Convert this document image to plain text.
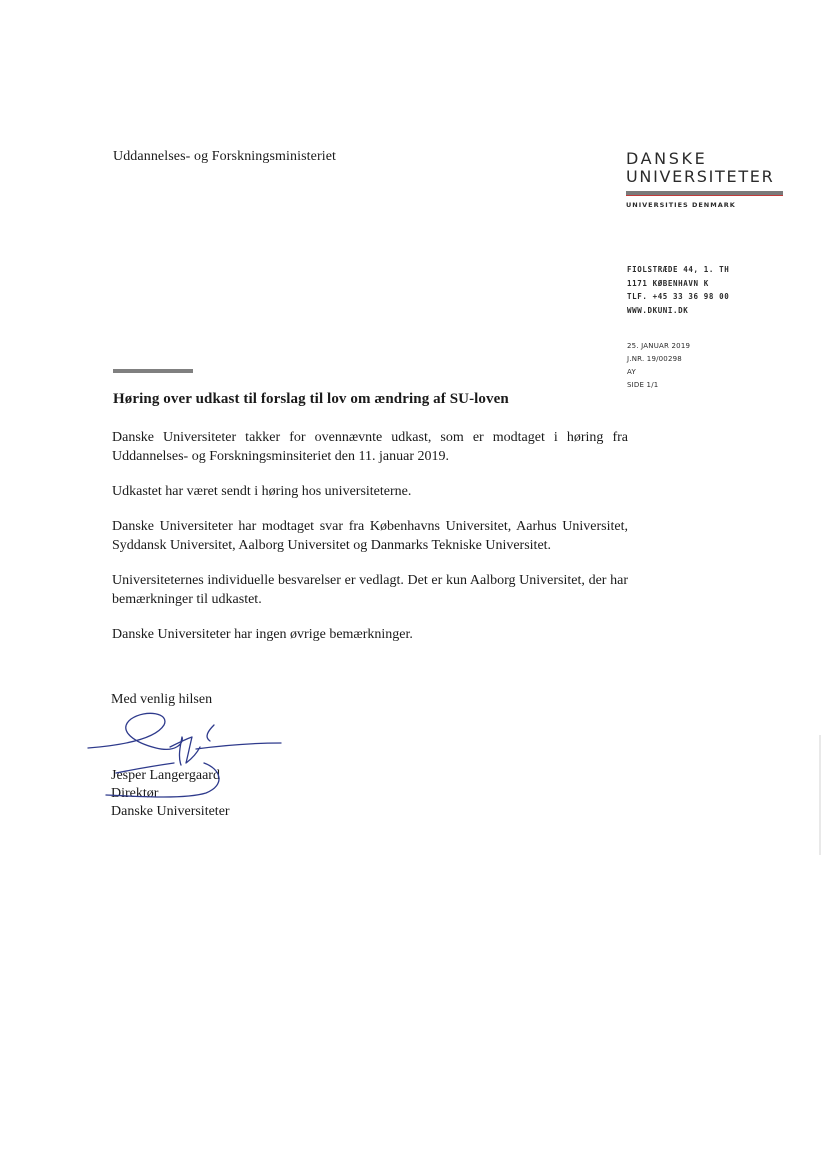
Uddannelses- og Forskningsministeriet	DANSKE
UNIVERSITETER
UNIVERSITIES DENMARK
FIOLSTRÆDE 44, 1. TH
1171 KØBENHAVN K
TLF. +45 33 36 98 00
WWW.DKUNI.DK
25. JANUAR 2019
J.NR. 19/00298
AY
SIDE 1/1
Høring over udkast til forslag til lov om ændring af SU-loven

Danske Universiteter takker for ovennævnte udkast, som er modtaget i høring fra Uddannelses- og Forskningsminsiteriet den 11. januar 2019.

Udkastet har været sendt i høring hos universiteterne.

Danske Universiteter har modtaget svar fra Københavns Universitet, Aarhus Universitet, Syddansk Universitet, Aalborg Universitet og Danmarks Tekniske Universitet.

Universiteternes individuelle besvarelser er vedlagt. Det er kun Aalborg Universitet, der har bemærkninger til udkastet.

Danske Universiteter har ingen øvrige bemærkninger.

Med venlig hilsen
Jesper Langergaard
Direktør
Danske Universiteter
